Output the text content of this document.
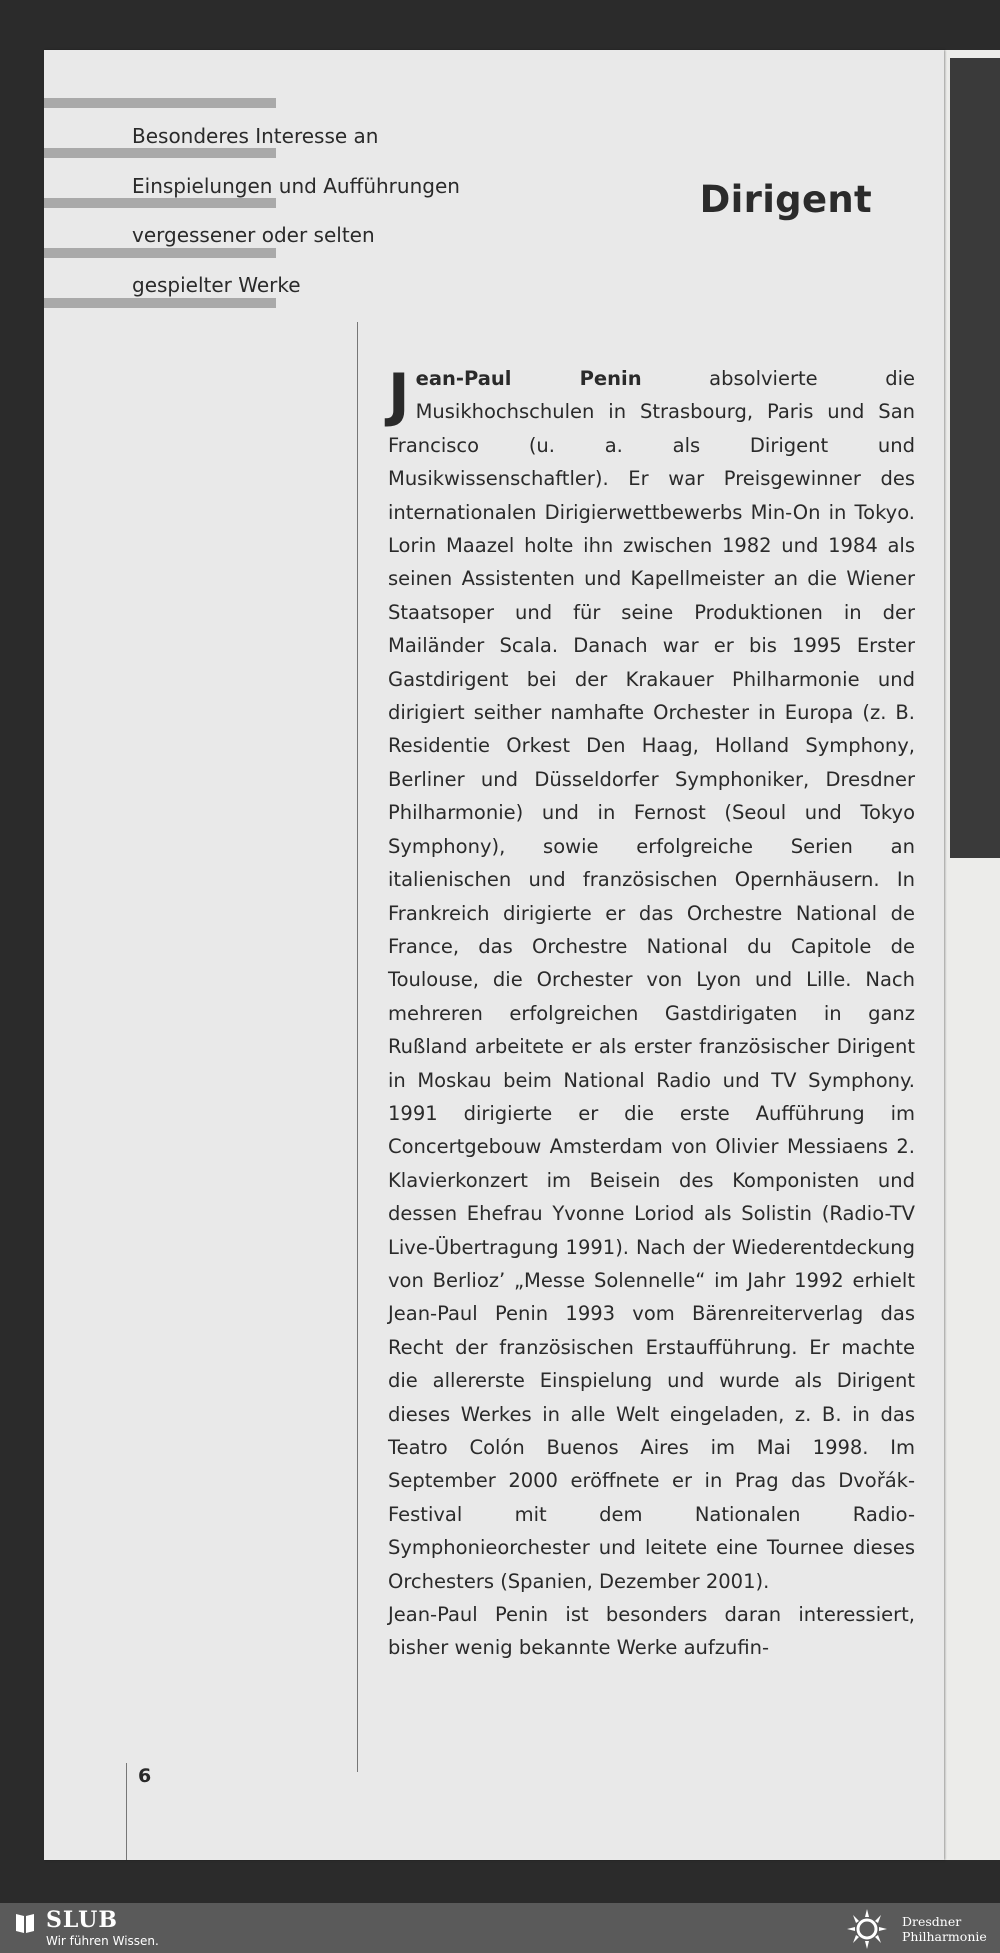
Besonderes Interesse an
Einspielungen und Aufführungen
vergessener oder selten
gespielter Werke
Dirigent

Jean-Paul Penin absolvierte die Musikhochschulen in Strasbourg, Paris und San Francisco (u. a. als Dirigent und Musikwissenschaftler). Er war Preisgewinner des internationalen Dirigierwettbewerbs Min-On in Tokyo. Lorin Maazel holte ihn zwischen 1982 und 1984 als seinen Assistenten und Kapellmeister an die Wiener Staatsoper und für seine Produktionen in der Mailänder Scala. Danach war er bis 1995 Erster Gastdirigent bei der Krakauer Philharmonie und dirigiert seither namhafte Orchester in Europa (z. B. Residentie Orkest Den Haag, Holland Symphony, Berliner und Düsseldorfer Symphoniker, Dresdner Philharmonie) und in Fernost (Seoul und Tokyo Symphony), sowie erfolgreiche Serien an italienischen und französischen Opernhäusern. In Frankreich dirigierte er das Orchestre National de France, das Orchestre National du Capitole de Toulouse, die Orchester von Lyon und Lille. Nach mehreren erfolgreichen Gastdirigaten in ganz Rußland arbeitete er als erster französischer Dirigent in Moskau beim National Radio und TV Symphony. 1991 dirigierte er die erste Aufführung im Concertgebouw Amsterdam von Olivier Messiaens 2. Klavierkonzert im Beisein des Komponisten und dessen Ehefrau Yvonne Loriod als Solistin (Radio-TV Live-Übertragung 1991). Nach der Wiederentdeckung von Berlioz’ „Messe Solennelle“ im Jahr 1992 erhielt Jean-Paul Penin 1993 vom Bärenreiterverlag das Recht der französischen Erstaufführung. Er machte die allererste Einspielung und wurde als Dirigent dieses Werkes in alle Welt eingeladen, z. B. in das Teatro Colón Buenos Aires im Mai 1998. Im September 2000 eröffnete er in Prag das Dvořák-Festival mit dem Nationalen Radio-Symphonieorchester und leitete eine Tournee dieses Orchesters (Spanien, Dezember 2001).

Jean-Paul Penin ist besonders daran interessiert, bisher wenig bekannte Werke aufzufin-

6
SLUB
Wir führen Wissen.
Dresdner
Philharmonie
